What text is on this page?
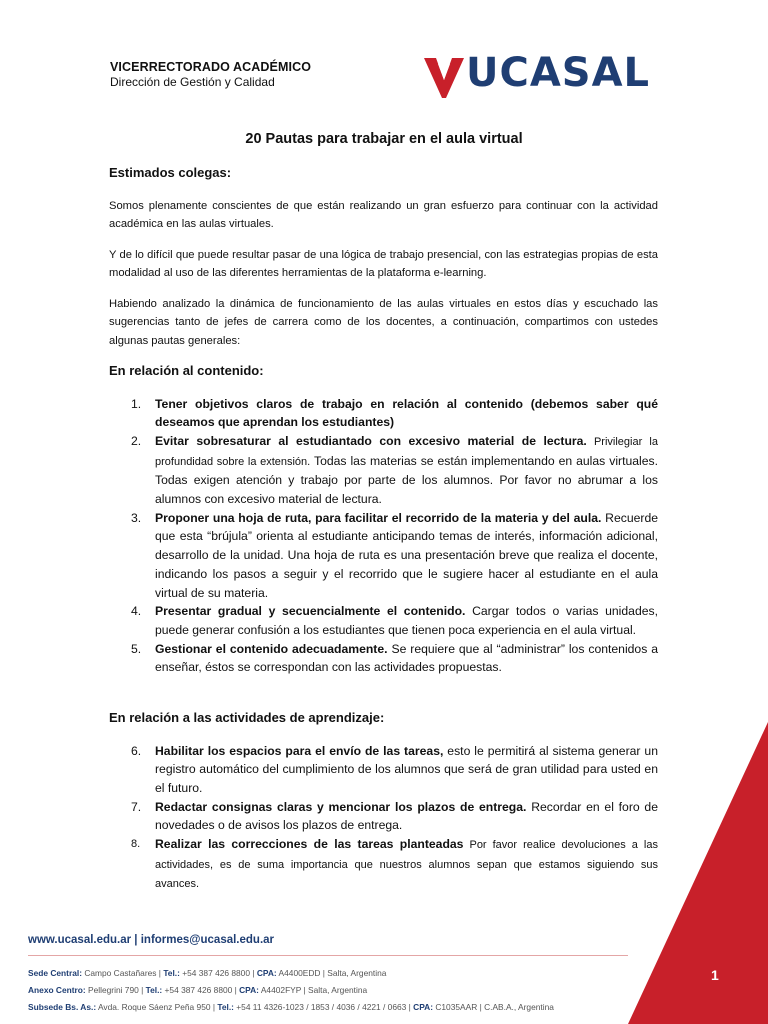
VICERRECTORADO ACADÉMICO
Dirección de Gestión y Calidad	UCASAL
20 Pautas para trabajar en el aula virtual
Estimados colegas:

Somos plenamente conscientes de que están realizando un gran esfuerzo para continuar con la actividad académica en las aulas virtuales.

Y de lo difícil que puede resultar pasar de una lógica de trabajo presencial, con las estrategias propias de esta modalidad al uso de las diferentes herramientas de la plataforma e-learning.

Habiendo analizado la dinámica de funcionamiento de las aulas virtuales en estos días y escuchado las sugerencias tanto de jefes de carrera como de los docentes, a continuación, compartimos con ustedes algunas pautas generales:

En relación al contenido:
1. Tener objetivos claros de trabajo en relación al contenido (debemos saber qué deseamos que aprendan los estudiantes)
2. Evitar sobresaturar al estudiantado con excesivo material de lectura. Privilegiar la profundidad sobre la extensión. Todas las materias se están implementando en aulas virtuales. Todas exigen atención y trabajo por parte de los alumnos. Por favor no abrumar a los alumnos con excesivo material de lectura.
3. Proponer una hoja de ruta, para facilitar el recorrido de la materia y del aula. Recuerde que esta “brújula” orienta al estudiante anticipando temas de interés, información adicional, desarrollo de la unidad. Una hoja de ruta es una presentación breve que realiza el docente, indicando los pasos a seguir y el recorrido que le sugiere hacer al estudiante en el aula virtual de su materia.
4. Presentar gradual y secuencialmente el contenido. Cargar todos o varias unidades, puede generar confusión a los estudiantes que tienen poca experiencia en el aula virtual.
5. Gestionar el contenido adecuadamente. Se requiere que al “administrar” los contenidos a enseñar, éstos se correspondan con las actividades propuestas.
En relación a las actividades de aprendizaje:
6. Habilitar los espacios para el envío de las tareas, esto le permitirá al sistema generar un registro automático del cumplimiento de los alumnos que será de gran utilidad para usted en el futuro.
7. Redactar consignas claras y mencionar los plazos de entrega. Recordar en el foro de novedades o de avisos los plazos de entrega.
8. Realizar las correcciones de las tareas planteadas Por favor realice devoluciones a las actividades, es de suma importancia que nuestros alumnos sepan que estamos siguiendo sus avances.
www.ucasal.edu.ar | informes@ucasal.edu.ar
Sede Central: Campo Castañares | Tel.: +54 387 426 8800 | CPA: A4400EDD | Salta, Argentina
Anexo Centro: Pellegrini 790 | Tel.: +54 387 426 8800 | CPA: A4402FYP | Salta, Argentina
Subsede Bs. As.: Avda. Roque Sáenz Peña 950 | Tel.: +54 11 4326-1023 / 1853 / 4036 / 4221 / 0663 | CPA: C1035AAR | C.AB.A., Argentina
1
